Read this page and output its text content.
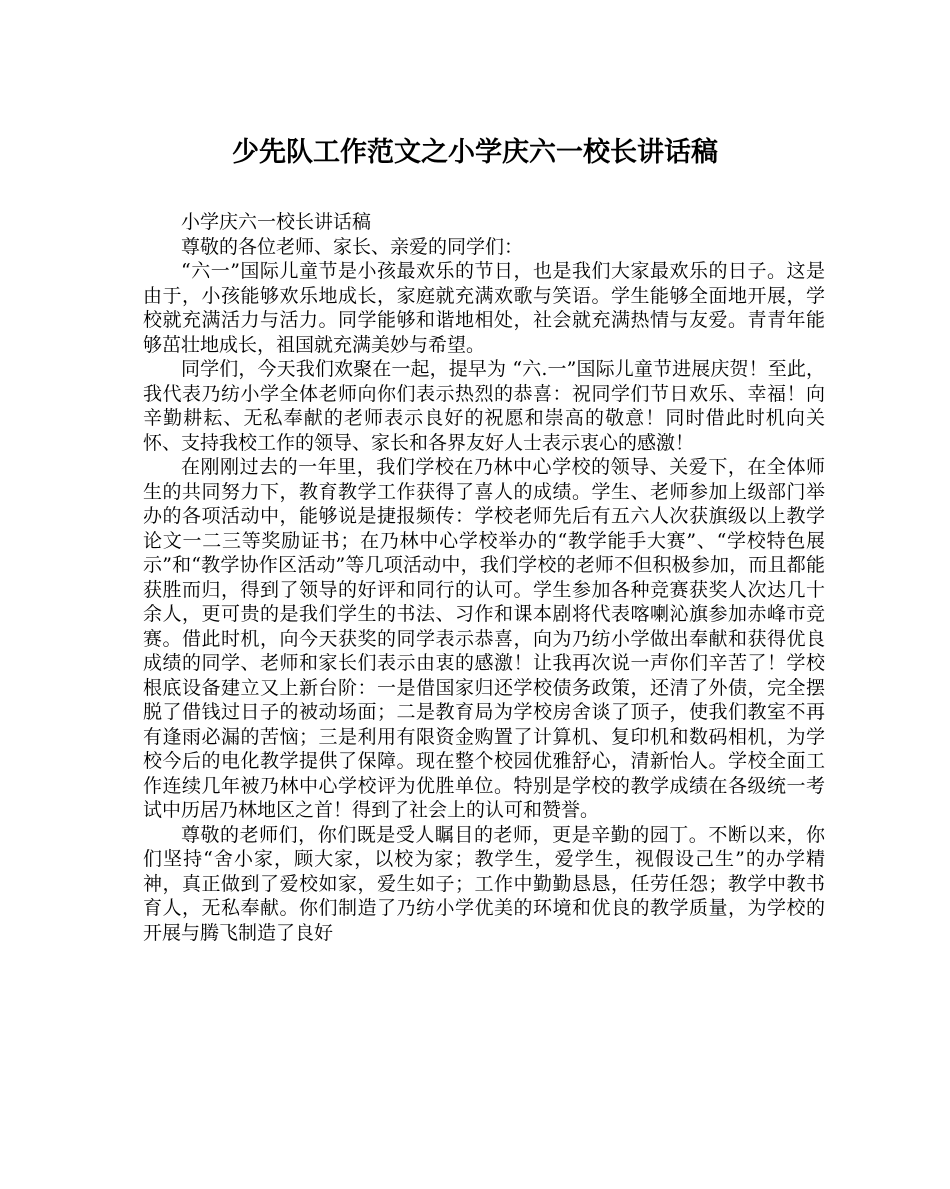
少先队工作范文之小学庆六一校长讲话稿

小学庆六一校长讲话稿

尊敬的各位老师、家长、亲爱的同学们：

“六一”国际儿童节是小孩最欢乐的节日，也是我们大家最欢乐的日子。这是由于，小孩能够欢乐地成长，家庭就充满欢歌与笑语。学生能够全面地开展，学校就充满活力与活力。同学能够和谐地相处，社会就充满热情与友爱。青青年能够茁壮地成长，祖国就充满美妙与希望。

同学们，今天我们欢聚在一起，提早为 “六.一”国际儿童节进展庆贺！至此，我代表乃纺小学全体老师向你们表示热烈的恭喜：祝同学们节日欢乐、幸福！向辛勤耕耘、无私奉献的老师表示良好的祝愿和崇高的敬意！同时借此时机向关怀、支持我校工作的领导、家长和各界友好人士表示衷心的感激！

在刚刚过去的一年里，我们学校在乃林中心学校的领导、关爱下，在全体师生的共同努力下，教育教学工作获得了喜人的成绩。学生、老师参加上级部门举办的各项活动中，能够说是捷报频传：学校老师先后有五六人次获旗级以上教学论文一二三等奖励证书；在乃林中心学校举办的“教学能手大赛”、“学校特色展示”和“教学协作区活动”等几项活动中，我们学校的老师不但积极参加，而且都能获胜而归，得到了领导的好评和同行的认可。学生参加各种竞赛获奖人次达几十余人，更可贵的是我们学生的书法、习作和课本剧将代表喀喇沁旗参加赤峰市竞赛。借此时机，向今天获奖的同学表示恭喜，向为乃纺小学做出奉献和获得优良成绩的同学、老师和家长们表示由衷的感激！让我再次说一声你们辛苦了！学校根底设备建立又上新台阶：一是借国家归还学校债务政策，还清了外债，完全摆脱了借钱过日子的被动场面；二是教育局为学校房舍谈了顶子，使我们教室不再有逢雨必漏的苦恼；三是利用有限资金购置了计算机、复印机和数码相机，为学校今后的电化教学提供了保障。现在整个校园优雅舒心，清新怡人。学校全面工作连续几年被乃林中心学校评为优胜单位。特别是学校的教学成绩在各级统一考试中历居乃林地区之首！得到了社会上的认可和赞誉。

尊敬的老师们，你们既是受人瞩目的老师，更是辛勤的园丁。不断以来，你们坚持“舍小家，顾大家，以校为家；教学生，爱学生，视假设己生”的办学精神，真正做到了爱校如家，爱生如子；工作中勤勤恳恳，任劳任怨；教学中教书育人，无私奉献。你们制造了乃纺小学优美的环境和优良的教学质量，为学校的开展与腾飞制造了良好
